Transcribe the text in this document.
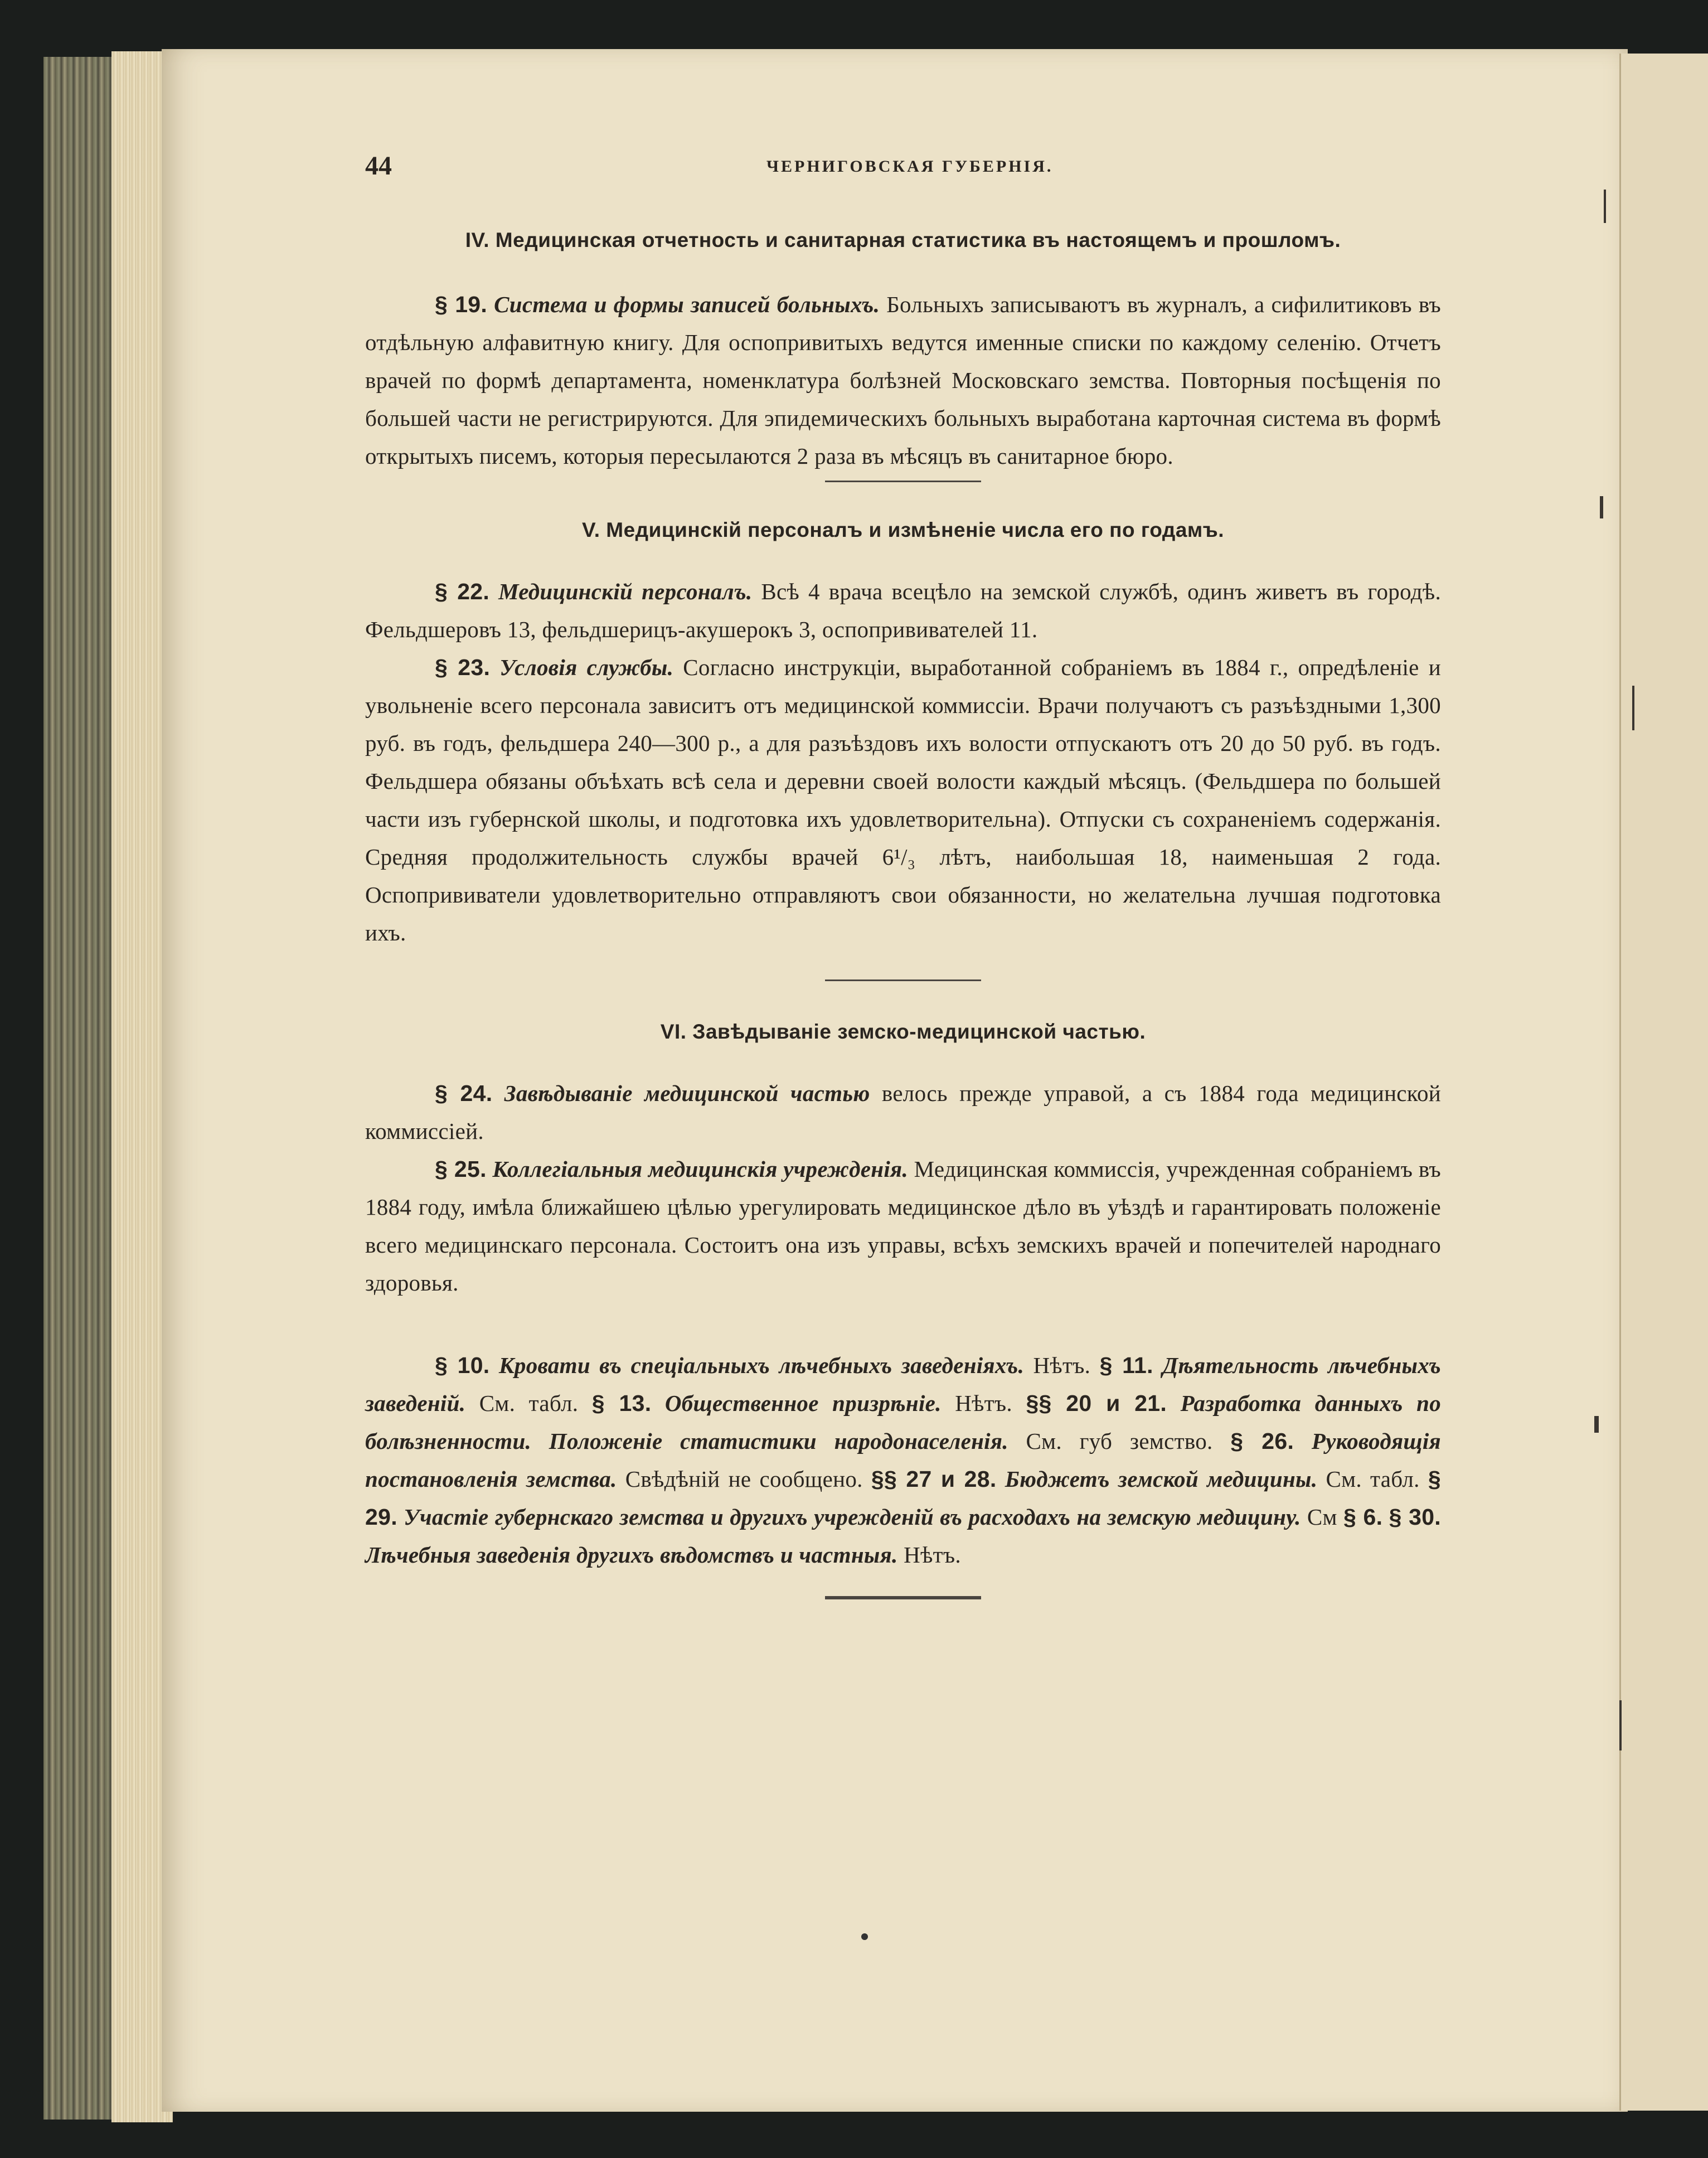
44	ЧЕРНИГОВСКАЯ ГУБЕРНIЯ.
IV. Медицинская отчетность и санитарная статистика въ настоящемъ и прошломъ.

§ 19. Система и формы записей больныхъ. Больныхъ записываютъ въ журналъ, а сифилитиковъ въ отдѣльную алфавитную книгу. Для оспопривитыхъ ведутся именные списки по каждому селенію. Отчетъ врачей по формѣ департамента, номенклатура болѣзней Московскаго земства. Повторныя посѣщенія по большей части не регистрируются. Для эпидемическихъ больныхъ выработана карточная система въ формѣ открытыхъ писемъ, которыя пересылаются 2 раза въ мѣсяцъ въ санитарное бюро.

V. Медицинскiй персоналъ и измѣненiе числа его по годамъ.

§ 22. Медицинскiй персоналъ. Всѣ 4 врача всецѣло на земской службѣ, одинъ живетъ въ городѣ. Фельдшеровъ 13, фельдшерицъ-акушерокъ 3, оспопрививателей 11.

§ 23. Условiя службы. Согласно инструкцiи, выработанной собранiемъ въ 1884 г., опредѣленiе и увольненiе всего персонала зависитъ отъ медицинской коммиссiи. Врачи получаютъ съ разъѣздными 1,300 руб. въ годъ, фельдшера 240—300 р., а для разъѣздовъ ихъ волости отпускаютъ отъ 20 до 50 руб. въ годъ. Фельдшера обязаны объѣхать всѣ села и деревни своей волости каждый мѣсяцъ. (Фельдшера по большей части изъ губернской школы, и подготовка ихъ удовлетворительна). Отпуски съ сохраненiемъ содержанiя. Средняя продолжительность службы врачей 6¹/₃ лѣтъ, наибольшая 18, наименьшая 2 года. Оспопрививатели удовлетворительно отправляютъ свои обязанности, но желательна лучшая подготовка ихъ.

VI. Завѣдыванiе земско-медицинской частью.

§ 24. Завѣдыванiе медицинской частью велось прежде управой, а съ 1884 года медицинской коммиссiей.

§ 25. Коллегiальныя медицинскiя учрежденiя. Медицинская коммиссiя, учрежденная собранiемъ въ 1884 году, имѣла ближайшею цѣлью урегулировать медицинское дѣло въ уѣздѣ и гарантировать положенiе всего медицинскаго персонала. Состоитъ она изъ управы, всѣхъ земскихъ врачей и попечителей народнаго здоровья.

§ 10. Кровати въ спецiальныхъ лѣчебныхъ заведенiяхъ. Нѣтъ. § 11. Дѣятельность лѣчебныхъ заведенiй. См. табл. § 13. Общественное призрѣнiе. Нѣтъ. §§ 20 и 21. Разработка данныхъ по болѣзненности. Положенiе статистики народонаселенiя. См. губ земство. § 26. Руководящiя постановленiя земства. Свѣдѣнiй не сообщено. §§ 27 и 28. Бюджетъ земской медицины. См. табл. § 29. Участiе губернскаго земства и другихъ учрежденiй въ расходахъ на земскую медицину. См § 6. § 30. Лѣчебныя заведенiя другихъ вѣдомствъ и частныя. Нѣтъ.
